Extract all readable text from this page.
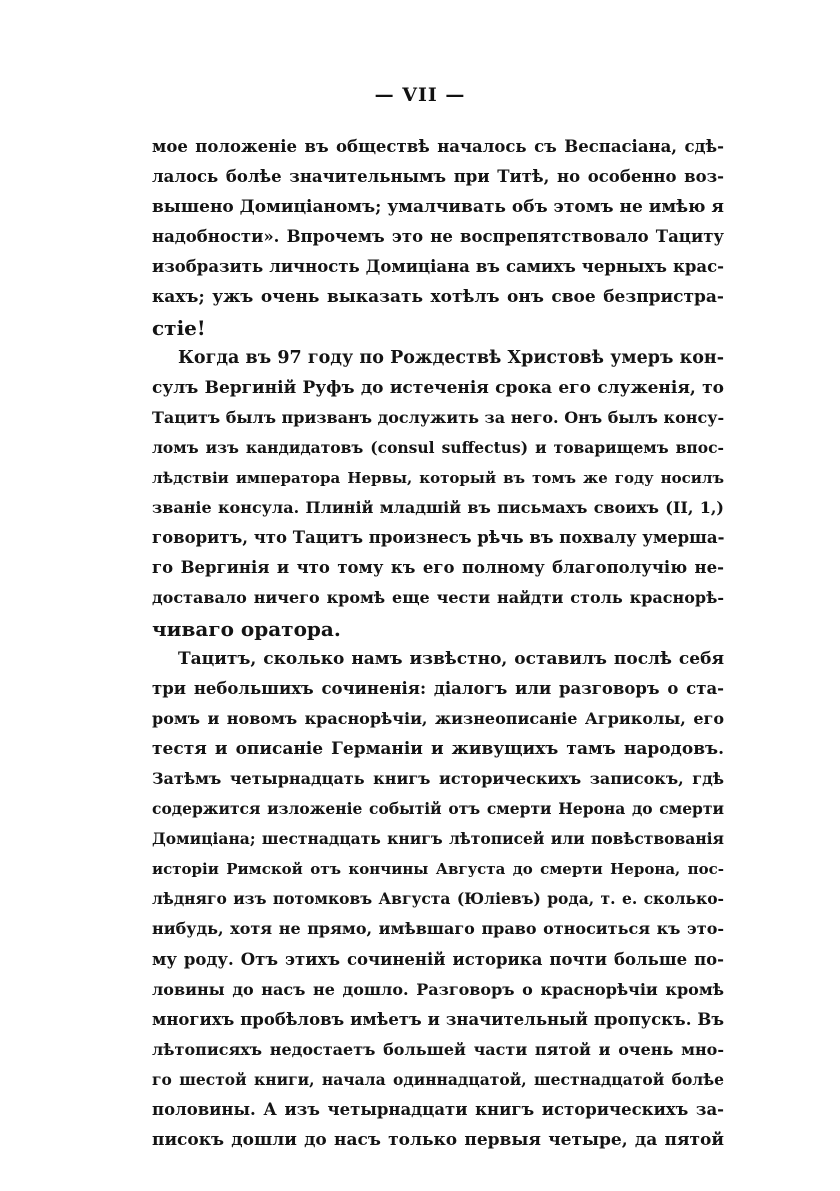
— VII —
мое положенiе въ обществѣ началось съ Веспасiана, сдѣ-
лалось болѣе значительнымъ при Титѣ, но особенно воз-
вышено Домицiаномъ; умалчивать объ этомъ не имѣю я
надобности». Впрочемъ это не воспрепятствовало Тациту
изобразить личность Домицiана въ самихъ черныхъ крас-
кахъ; ужъ очень выказать хотѣлъ онъ свое безпристра-
стiе!
Когда въ 97 году по Рождествѣ Христовѣ умеръ кон-
сулъ Вергинiй Руфъ до истеченiя срока его служенiя, то
Тацитъ былъ призванъ дослужить за него. Онъ былъ консу-
ломъ изъ кандидатовъ (consul suffectus) и товарищемъ впос-
лѣдствiи императора Нервы, который въ томъ же году носилъ
званiе консула. Плинiй младшiй въ письмахъ своихъ (II, 1,)
говоритъ, что Тацитъ произнесъ рѣчь въ похвалу умерша-
го Вергинiя и что тому къ его полному благополучiю не-
доставало ничего кромѣ еще чести найдти столь краснорѣ-
чиваго оратора.
Тацитъ, сколько намъ извѣстно, оставилъ послѣ себя
три небольшихъ сочиненiя: дiалогъ или разговоръ о ста-
ромъ и новомъ краснорѣчiи, жизнеописанiе Агриколы, его
тестя и описанiе Германiи и живущихъ тамъ народовъ.
Затѣмъ четырнадцать книгъ историческихъ записокъ, гдѣ
содержится изложенiе событiй отъ смерти Нерона до смерти
Домицiана; шестнадцать книгъ лѣтописей или повѣствованiя
исторiи Римской отъ кончины Августа до смерти Нерона, пос-
лѣдняго изъ потомковъ Августа (Юлiевъ) рода, т. е. сколько-
нибудь, хотя не прямо, имѣвшаго право относиться къ это-
му роду. Отъ этихъ сочиненiй историка почти больше по-
ловины до насъ не дошло. Разговоръ о краснорѣчiи кромѣ
многихъ пробѣловъ имѣетъ и значительный пропускъ. Въ
лѣтописяхъ недостаетъ большей части пятой и очень мно-
го шестой книги, начала одиннадцатой, шестнадцатой болѣе
половины. А изъ четырнадцати книгъ историческихъ за-
писокъ дошли до насъ только первыя четыре, да пятой
